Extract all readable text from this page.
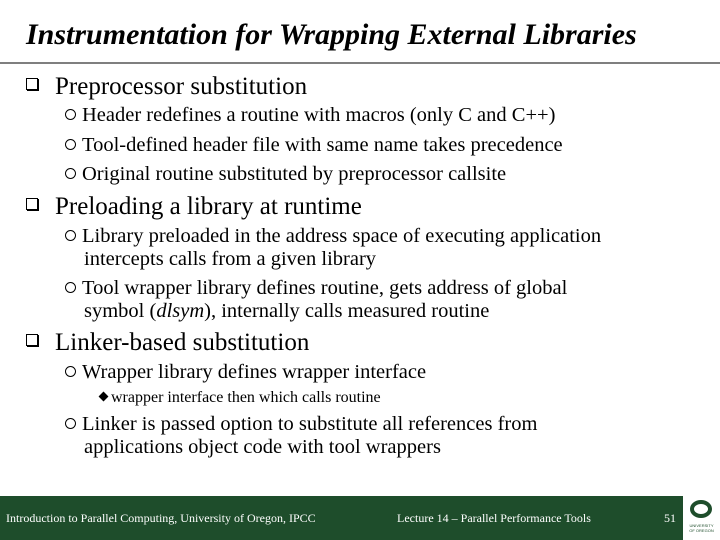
Instrumentation for Wrapping External Libraries
Preprocessor substitution
Header redefines a routine with macros (only C and C++)
Tool-defined header file with same name takes precedence
Original routine substituted by preprocessor callsite
Preloading a library at runtime
Library preloaded in the address space of executing application
intercepts calls from a given library
Tool wrapper library defines routine, gets address of global
symbol (dlsym), internally calls measured routine
Linker-based substitution
Wrapper library defines wrapper interface
wrapper interface then which calls routine
Linker is passed option to substitute all references from
applications object code with tool wrappers
Introduction to Parallel Computing, University of Oregon, IPCC	Lecture 14 – Parallel Performance Tools	51
UNIVERSITY
OF OREGON
